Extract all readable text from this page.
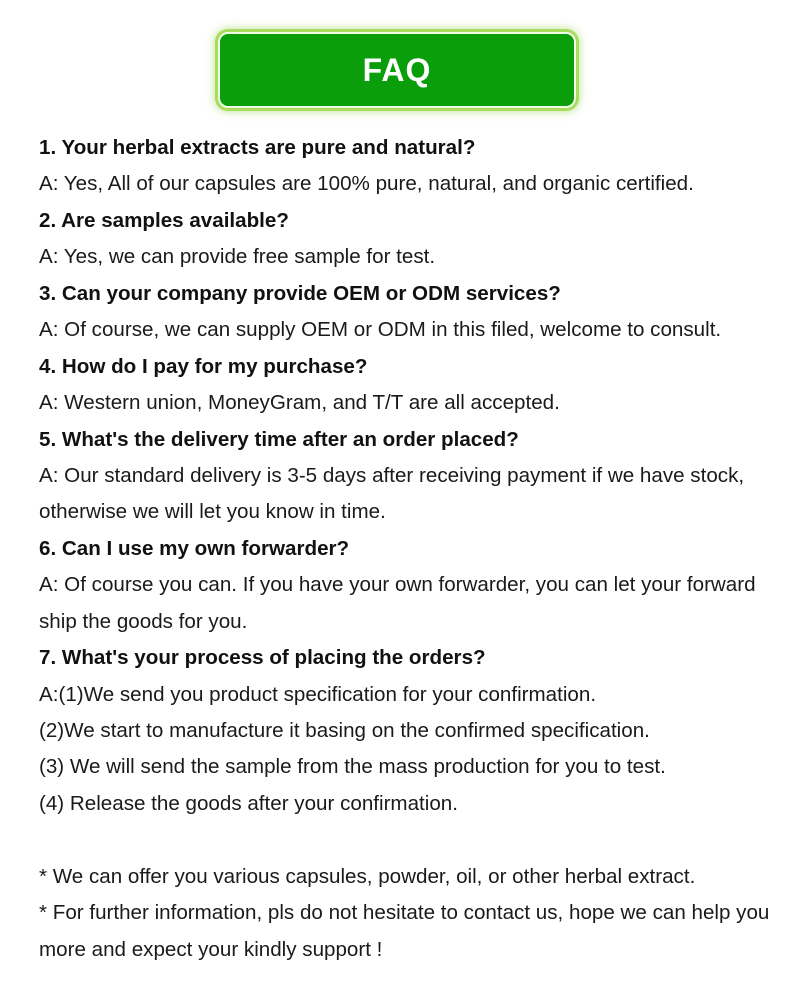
FAQ
1. Your herbal extracts are pure and natural?
A: Yes, All of our capsules are 100% pure, natural, and organic certified.
2. Are samples available?
A: Yes, we can provide free sample for test.
3. Can your company provide OEM or ODM services?
A: Of course, we can supply OEM or ODM in this filed, welcome to consult.
4. How do I pay for my purchase?
A: Western union, MoneyGram, and T/T are all accepted.
5. What's the delivery time after an order placed?
A: Our standard delivery is 3-5 days after receiving payment if we have stock,
otherwise we will let you know in time.
6. Can I use my own forwarder?
A: Of course you can. If you have your own forwarder, you can let your forward
ship the goods for you.
7. What's your process of placing the orders?
A:(1)We send you product specification for your confirmation.
(2)We start to manufacture it basing on the confirmed specification.
(3) We will send the sample from the mass production for you to test.
(4) Release the goods after your confirmation.
* We can offer you various capsules, powder, oil, or other herbal extract.
* For further information, pls do not hesitate to contact us, hope we can help you
more and expect your kindly support !
